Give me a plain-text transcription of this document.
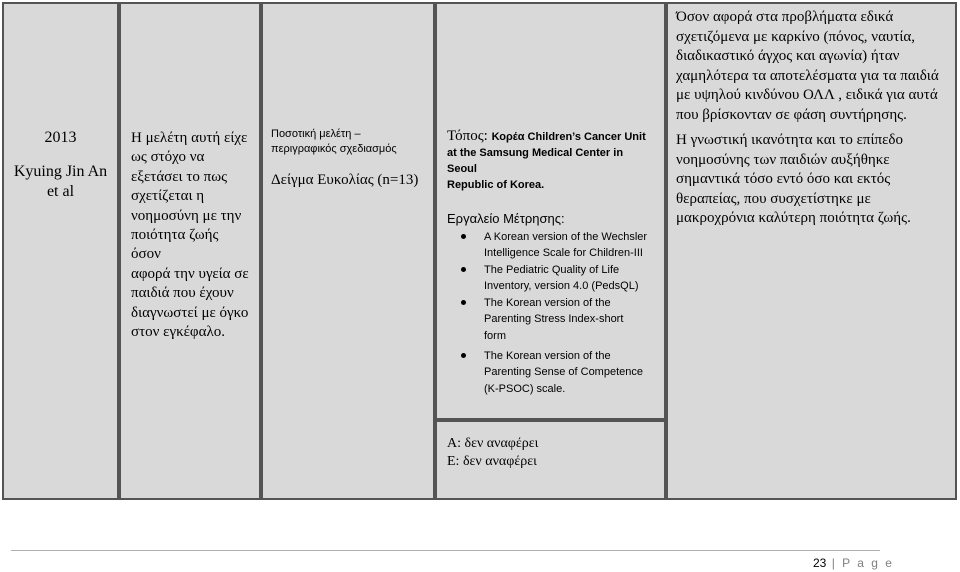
2013
Kyuing Jin An
et al
Η μελέτη αυτή είχε
ως στόχο να
εξετάσει το πως
σχετίζεται η
νοημοσύνη με την
ποιότητα ζωής όσον
αφορά την υγεία σε
παιδιά που έχουν
διαγνωστεί με όγκο
στον εγκέφαλο.
Ποσοτική μελέτη –
περιγραφικός σχεδιασμός
Δείγμα Ευκολίας (n=13)
Τόπος: Κορέα Children’s Cancer Unit
at the Samsung Medical Center in Seoul
Republic of Korea.
Εργαλείο Μέτρησης:
A Korean version of the Wechsler
Intelligence Scale for Children-III
The Pediatric Quality of Life
Inventory, version 4.0 (PedsQL)
The Korean version of the
Parenting Stress Index-short
form
The Korean version of the
Parenting Sense of Competence
(K-PSOC) scale.
Α: δεν αναφέρει
Ε: δεν αναφέρει
Όσον αφορά στα προβλήματα εδικά
σχετιζόμενα με καρκίνο (πόνος, ναυτία,
διαδικαστικό άγχος και αγωνία) ήταν
χαμηλότερα τα αποτελέσματα για τα παιδιά
με υψηλού κινδύνου ΟΛΛ , ειδικά για αυτά
που βρίσκονταν σε φάση συντήρησης.
Η γνωστική ικανότητα και το επίπεδο
νοημοσύνης των παιδιών αυξήθηκε
σημαντικά τόσο εντό όσο και εκτός
θεραπείας, που συσχετίστηκε με
μακροχρόνια καλύτερη ποιότητα ζωής.
23 | P a g e
